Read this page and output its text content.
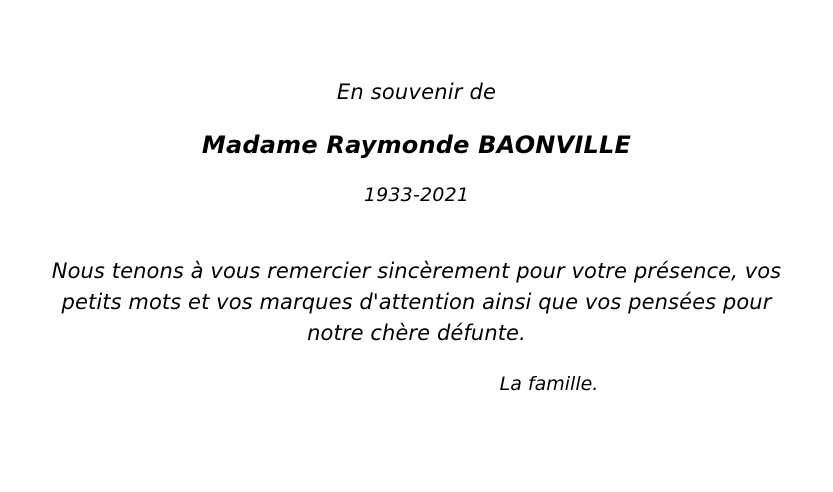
En souvenir de
Madame Raymonde BAONVILLE
1933-2021
Nous tenons à vous remercier sincèrement pour votre présence, vos petits mots et vos marques d'attention ainsi que vos pensées pour notre chère défunte.
La famille.
